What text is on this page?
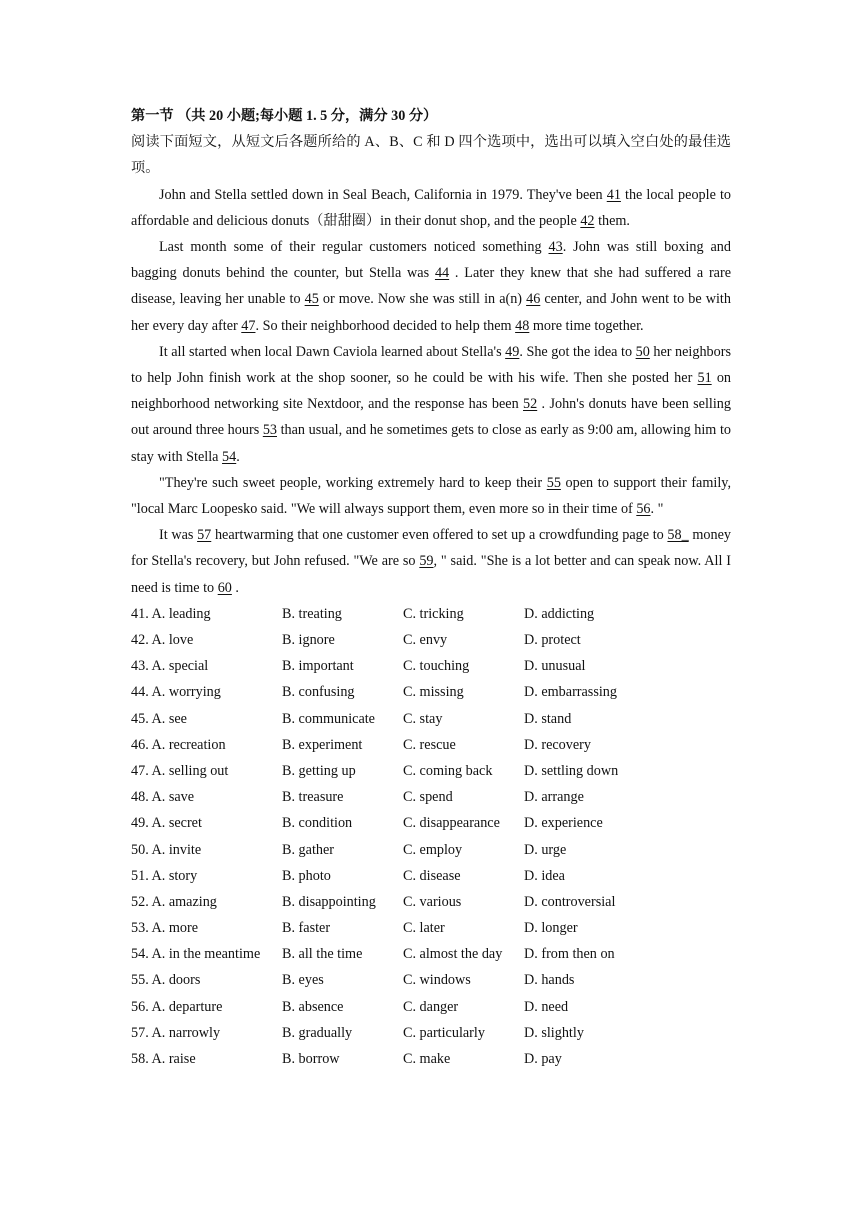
第一节 （共 20 小题;每小题 1. 5 分，满分 30 分）

阅读下面短文，从短文后各题所给的 A、B、C 和 D 四个选项中，选出可以填入空白处的最佳选项。

John and Stella settled down in Seal Beach, California in 1979. They've been 41 the local people to affordable and delicious donuts（甜甜圈）in their donut shop, and the people 42 them.

Last month some of their regular customers noticed something 43. John was still boxing and bagging donuts behind the counter, but Stella was 44 . Later they knew that she had suffered a rare disease, leaving her unable to 45 or move. Now she was still in a(n) 46 center, and John went to be with her every day after 47. So their neighborhood decided to help them 48 more time together.

It all started when local Dawn Caviola learned about Stella's 49. She got the idea to 50 her neighbors to help John finish work at the shop sooner, so he could be with his wife. Then she posted her 51 on neighborhood networking site Nextdoor, and the response has been 52 . John's donuts have been selling out around three hours 53 than usual, and he sometimes gets to close as early as 9:00 am, allowing him to stay with Stella 54.

"They're such sweet people, working extremely hard to keep their 55 open to support their family, "local Marc Loopesko said. "We will always support them, even more so in their time of 56. "

It was 57 heartwarming that one customer even offered to set up a crowdfunding page to 58_ money for Stella's recovery, but John refused. "We are so 59, " said. "She is a lot better and can speak now. All I need is time to 60 .

41. A. leading	B. treating	C. tricking	D. addicting
42. A. love	B. ignore	C. envy	D. protect
43. A. special	B. important	C. touching	D. unusual
44. A. worrying	B. confusing	C. missing	D. embarrassing
45. A. see	B. communicate	C. stay	D. stand
46. A. recreation	B. experiment	C. rescue	D. recovery
47. A. selling out	B. getting up	C. coming back	D. settling down
48. A. save	B. treasure	C. spend	D. arrange
49. A. secret	B. condition	C. disappearance	D. experience
50. A. invite	B. gather	C. employ	D. urge
51. A. story	B. photo	C. disease	D. idea
52. A. amazing	B. disappointing	C. various	D. controversial
53. A. more	B. faster	C. later	D. longer
54. A. in the meantime	B. all the time	C. almost the day	D. from then on
55. A. doors	B. eyes	C. windows	D. hands
56. A. departure	B. absence	C. danger	D. need
57. A. narrowly	B. gradually	C. particularly	D. slightly
58. A. raise	B. borrow	C. make	D. pay
